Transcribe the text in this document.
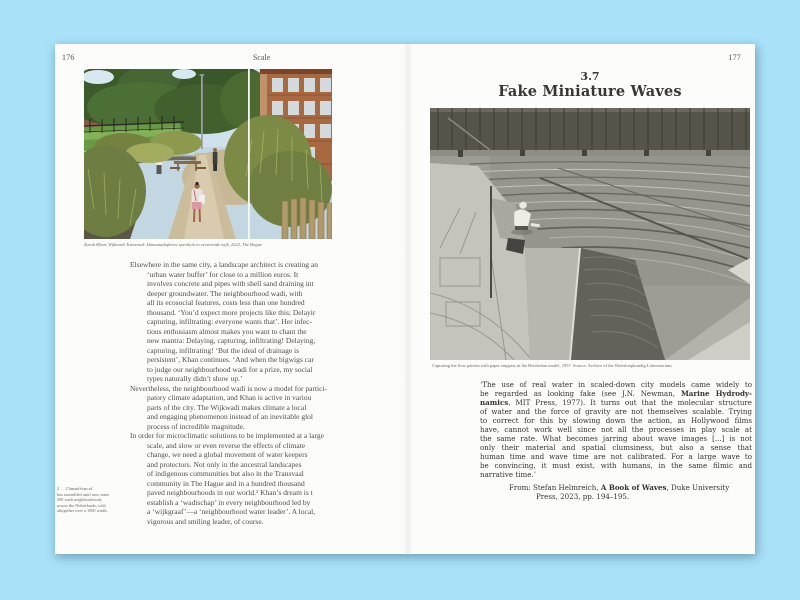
176	Scale	177
Zarah Khan, Wijkwadi Transvaal: klimaatadaptieve speeltuin in versteende wijk, 2022, The Hague
Elsewhere in the same city, a landscape architect is creating an
‘urban water buffer’ for close to a million euros. It
involves concrete and pipes with shell sand draining int
deeper groundwater. The neighbourhood wadi, with
all its ecosocial features, costs less than one hundred
thousand. ‘You’d expect more projects like this; Delayir
capturing, infiltrating: everyone wants that’. Her infec-
tious enthusiasm almost makes you want to chant the
new mantra: Delaying, capturing, infiltrating! Delaying,
capturing, infiltrating! ‘But the ideal of drainage is
persistent’, Khan continues. ‘And when the bigwigs car
to judge our neighbourhood wadi for a prize, my social
types naturally didn’t show up.’
Nevertheless, the neighbourhood wadi is now a model for partici-
patory climate adaptation, and Khan is active in variou
parts of the city. The Wijkwadi makes climate a local
and engaging phenomenon instead of an inevitable glol
process of incredible magnitude.
In order for microclimatic solutions to be implemented at a large
scale, and slow or even reverse the effects of climate
change, we need a global movement of water keepers
and protectors. Not only in the ancestral landscapes
of indigenous communities but also in the Transvaal
community in The Hague and in a hundred thousand
paved neighbourhoods in our world.² Khan’s dream is t
establish a ‘wadischap’ in every neighbourhood led by
a ‘wijkgraaf’—a ‘neighbourhood water leader’. A local,
vigorous and smiling leader, of course.
2      ClimateScan.nl
has assembled until now some
500 wadi neighbourhoods
across the Netherlands, with
altogether over a 1000 wadis.
3.7
Fake Miniature Waves
Capturing the flow pattern with paper snippets in the Rotterdam model, 1957. Source: Archive of the Waterloopkundig Laboratorium
‘The use of real water in scaled-down city models came widely to
be regarded as looking fake (see J.N. Newman, Marine Hydrody-
namics, MIT Press, 1977). It turns out that the molecular structure
of water and the force of gravity are not themselves scalable. Trying
to correct for this by slowing down the action, as Hollywood films
have, cannot work well since not all the processes in play scale at
the same rate. What becomes jarring about wave images [...] is not
only their material and spatial clumsiness, but also a sense that
human time and wave time are not calibrated. For a large wave to
be convincing, it must exist, with humans, in the same filmic and
narrative time.’
From: Stefan Helmreich, A Book of Waves, Duke University
Press, 2023, pp. 194–195.
